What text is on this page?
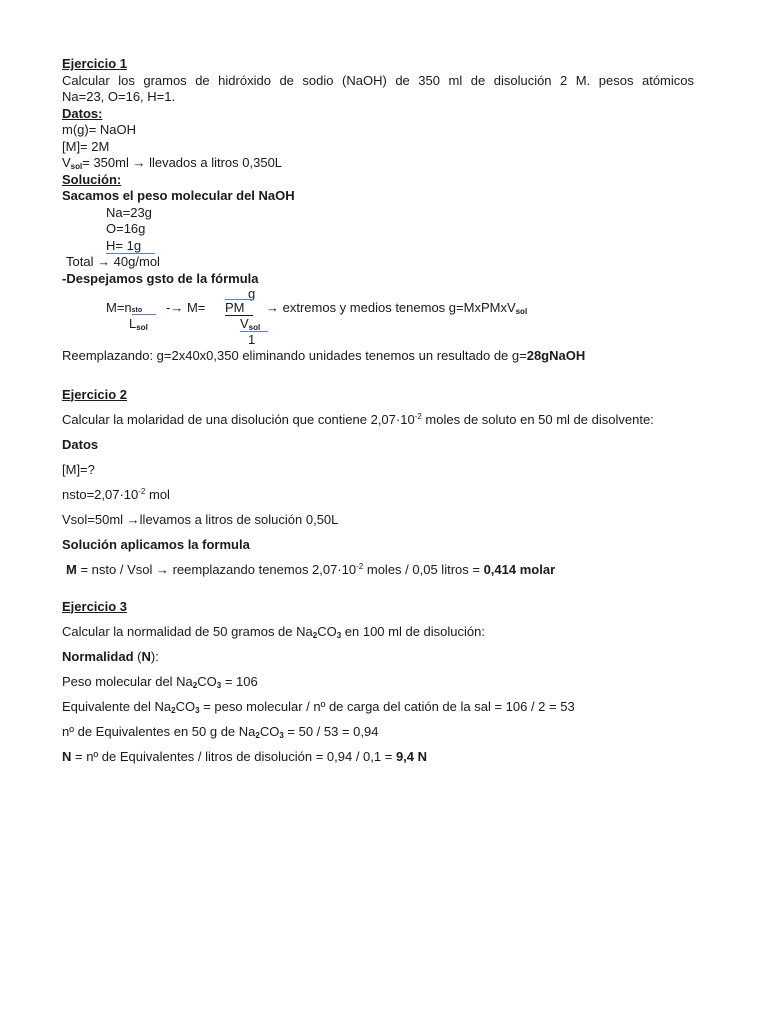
Ejercicio 1
Calcular los gramos de hidróxido de sodio (NaOH) de 350 ml de disolución 2 M. pesos atómicos
Na=23, O=16, H=1.
Datos:
m(g)= NaOH
[M]= 2M
$V_{sol}= 350ml$ → llevados a litros 0,350L
Solución:
Sacamos el peso molecular del NaOH
Na=23g
O=16g
H= 1g
Total → 40g/mol
-Despejamos gsto de la fórmula
g
M=nsto	-→ M= PM	→ extremos y medios tenemos g=MxPMxV$_{sol}$
$L_{sol}$	$V_{sol}$
1
Reemplazando: g=2x40x0,350 eliminando unidades tenemos un resultado de g=28gNaOH
Ejercicio 2
Calcular la molaridad de una disolución que contiene $2,07\cdot 10^{-2}$ moles de soluto en 50 ml de disolvente:
Datos
[M]=?
$nsto=2,07\cdot 10^{-2}$ mol
Vsol=50ml →llevamos a litros de solución 0,50L
Solución aplicamos la formula
M = nsto / Vsol → reemplazando tenemos $2,07\cdot 10^{-2}$ moles / 0,05 litros = 0,414 molar
Ejercicio 3
Calcular la normalidad de 50 gramos de $Na_2CO_3$ en 100 ml de disolución:
Normalidad (N):
Peso molecular del $Na_2CO_3 = 106$
Equivalente del $Na_2CO_3$ = peso molecular / nº de carga del catión de la sal = 106 / 2 = 53
nº de Equivalentes en 50 g de $Na_2CO_3 = 50 / 53 = 0,94$
N = nº de Equivalentes / litros de disolución = 0,94 / 0,1 = 9,4 N
